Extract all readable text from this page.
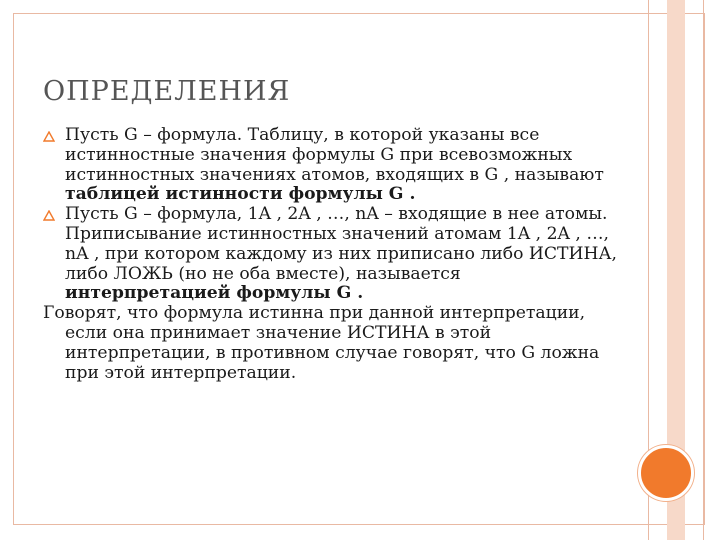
ОПРЕДЕЛЕНИЯ
Пусть G – формула. Таблицу, в которой указаны все истинностные значения формулы G при всевозможных истинностных значениях атомов, входящих в G , называют таблицей истинности формулы G .
Пусть G – формула, 1A , 2A , …, nA – входящие в нее атомы. Приписывание истинностных значений атомам 1A , 2A , …, nA , при котором каждому из них приписано либо ИСТИНА, либо ЛОЖЬ (но не оба вместе), называется интерпретацией формулы G .

Говорят, что формула истинна при данной интерпретации, если она принимает значение ИСТИНА в этой интерпретации, в противном случае говорят, что G ложна при этой интерпретации.
